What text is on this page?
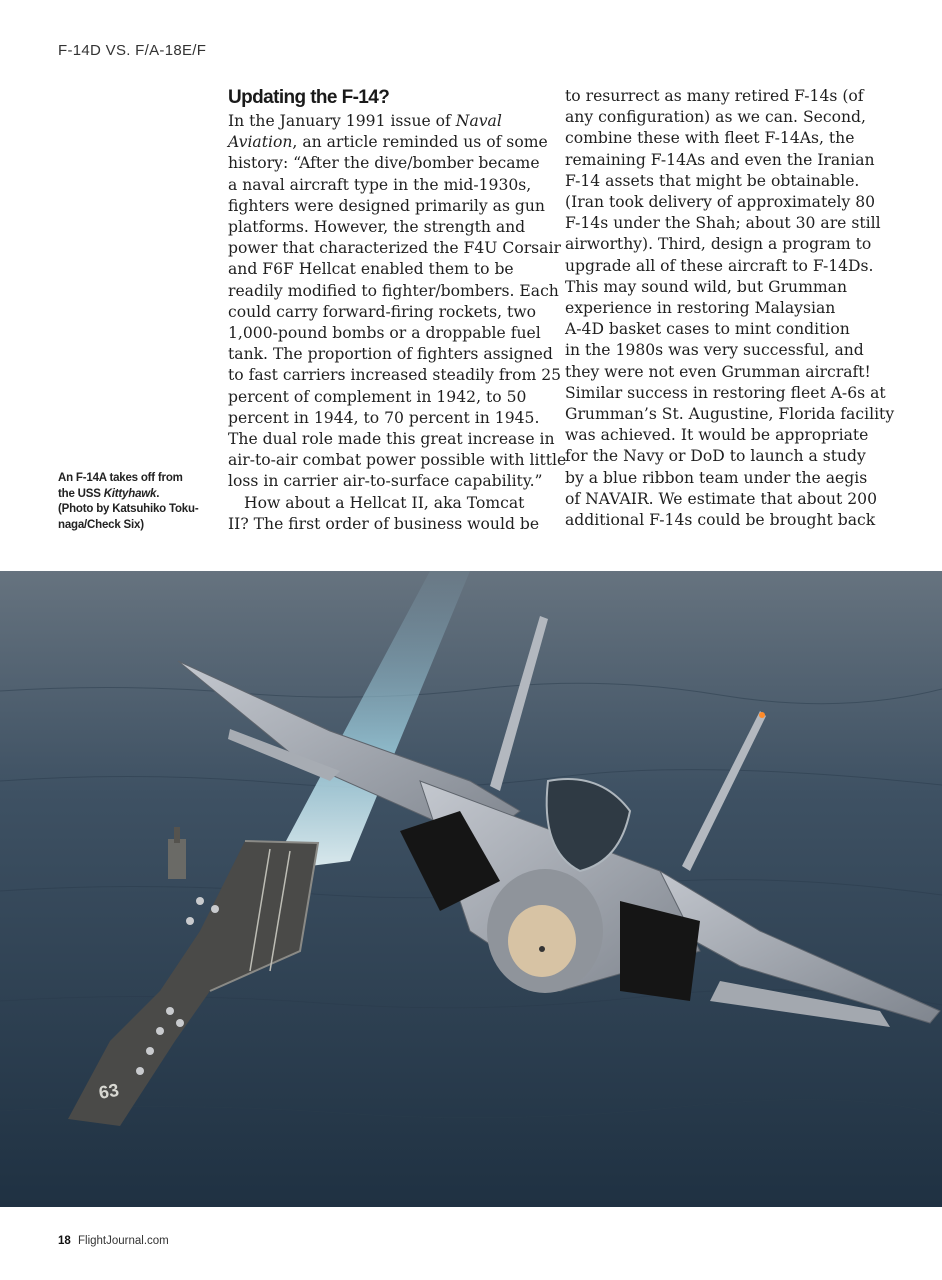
F-14D VS. F/A-18E/F
Updating the F-14?
In the January 1991 issue of Naval
Aviation, an article reminded us of some
history: “After the dive/bomber became
a naval aircraft type in the mid-1930s,
fighters were designed primarily as gun
platforms. However, the strength and
power that characterized the F4U Corsair
and F6F Hellcat enabled them to be
readily modified to fighter/bombers. Each
could carry forward-firing rockets, two
1,000-pound bombs or a droppable fuel
tank. The proportion of fighters assigned
to fast carriers increased steadily from 25
percent of complement in 1942, to 50
percent in 1944, to 70 percent in 1945.
The dual role made this great increase in
air-to-air combat power possible with little
loss in carrier air-to-surface capability.”
How about a Hellcat II, aka Tomcat
II? The first order of business would be
to resurrect as many retired F-14s (of
any configuration) as we can. Second,
combine these with fleet F-14As, the
remaining F-14As and even the Iranian
F-14 assets that might be obtainable.
(Iran took delivery of approximately 80
F-14s under the Shah; about 30 are still
airworthy). Third, design a program to
upgrade all of these aircraft to F-14Ds.
This may sound wild, but Grumman
experience in restoring Malaysian
A-4D basket cases to mint condition
in the 1980s was very successful, and
they were not even Grumman aircraft!
Similar success in restoring fleet A-6s at
Grumman’s St. Augustine, Florida facility
was achieved. It would be appropriate
for the Navy or DoD to launch a study
by a blue ribbon team under the aegis
of NAVAIR. We estimate that about 200
additional F-14s could be brought back
An F-14A takes off from
the USS Kittyhawk.
(Photo by Katsuhiko Toku-
naga/Check Six)
63
18 FlightJournal.com
